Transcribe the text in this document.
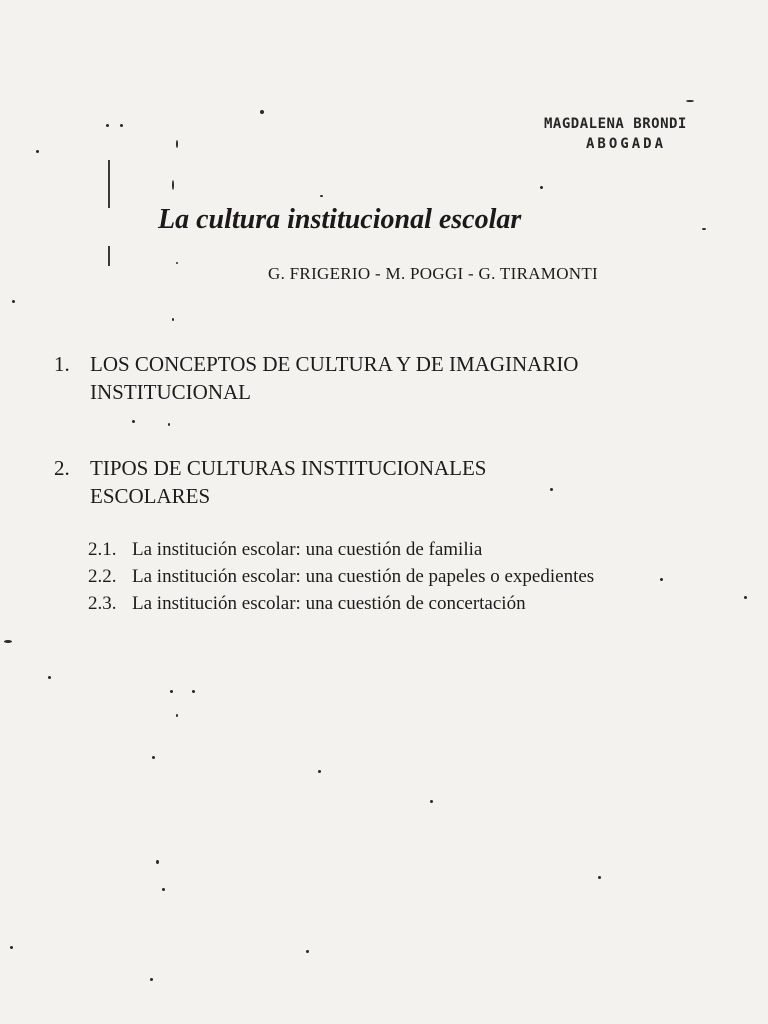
MAGDALENA BRONDI
ABOGADA
La cultura institucional escolar
G. FRIGERIO - M. POGGI - G. TIRAMONTI
1. LOS CONCEPTOS DE CULTURA Y DE IMAGINARIO INSTITUCIONAL
2. TIPOS DE CULTURAS INSTITUCIONALES ESCOLARES
2.1. La institución escolar: una cuestión de familia
2.2. La institución escolar: una cuestión de papeles o expedientes
2.3. La institución escolar: una cuestión de concertación
